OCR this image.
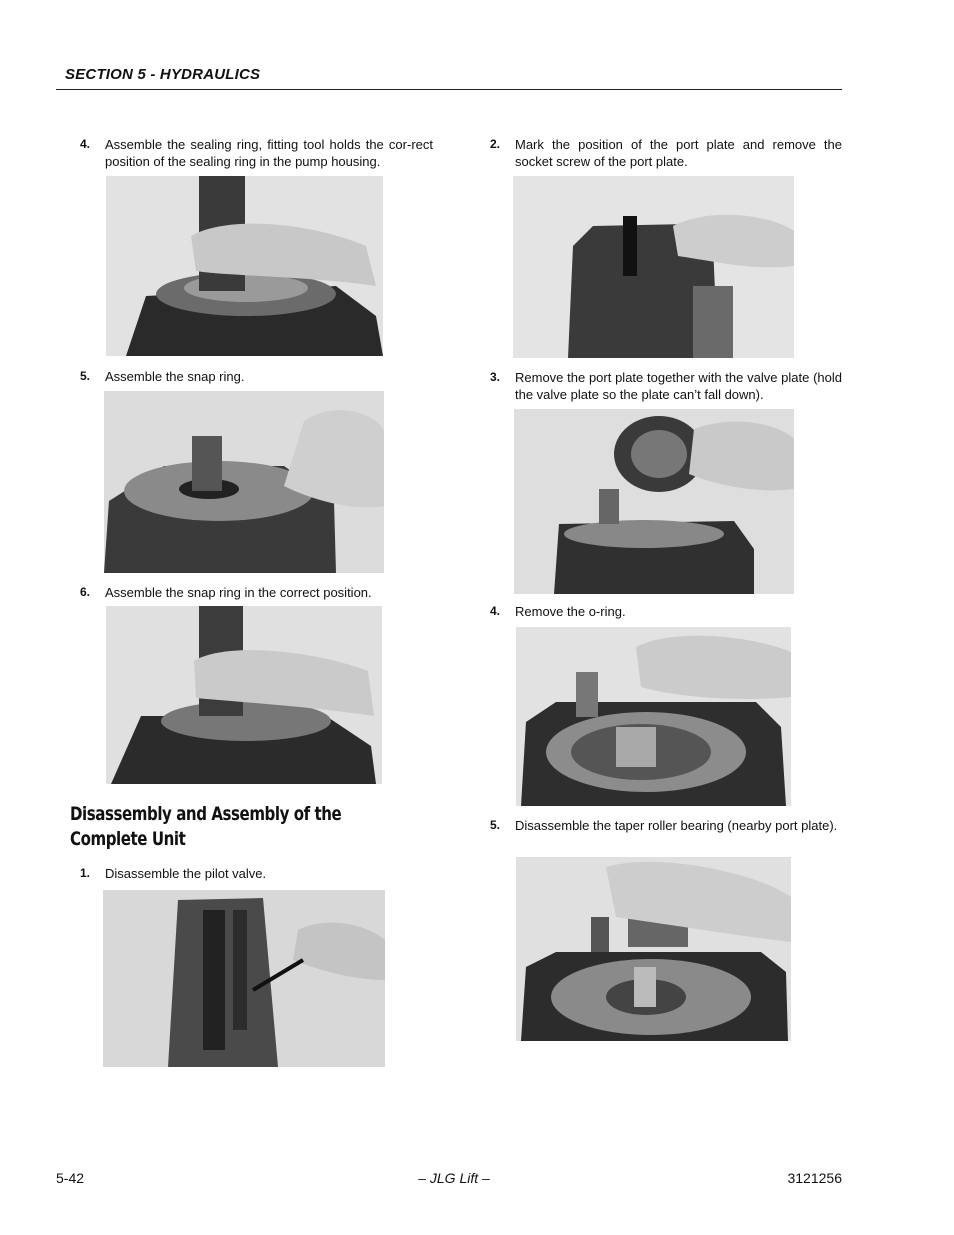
SECTION 5 - HYDRAULICS
4. Assemble the sealing ring, fitting tool holds the cor-rect position of the sealing ring in the pump housing.
5. Assemble the snap ring.
6. Assemble the snap ring in the correct position.
Disassembly and Assembly of the Complete Unit
1. Disassemble the pilot valve.
2. Mark the position of the port plate and remove the socket screw of the port plate.
3. Remove the port plate together with the valve plate (hold the valve plate so the plate can’t fall down).
4. Remove the o-ring.
5. Disassemble the taper roller bearing (nearby port plate).
5-42	– JLG Lift –	3121256
